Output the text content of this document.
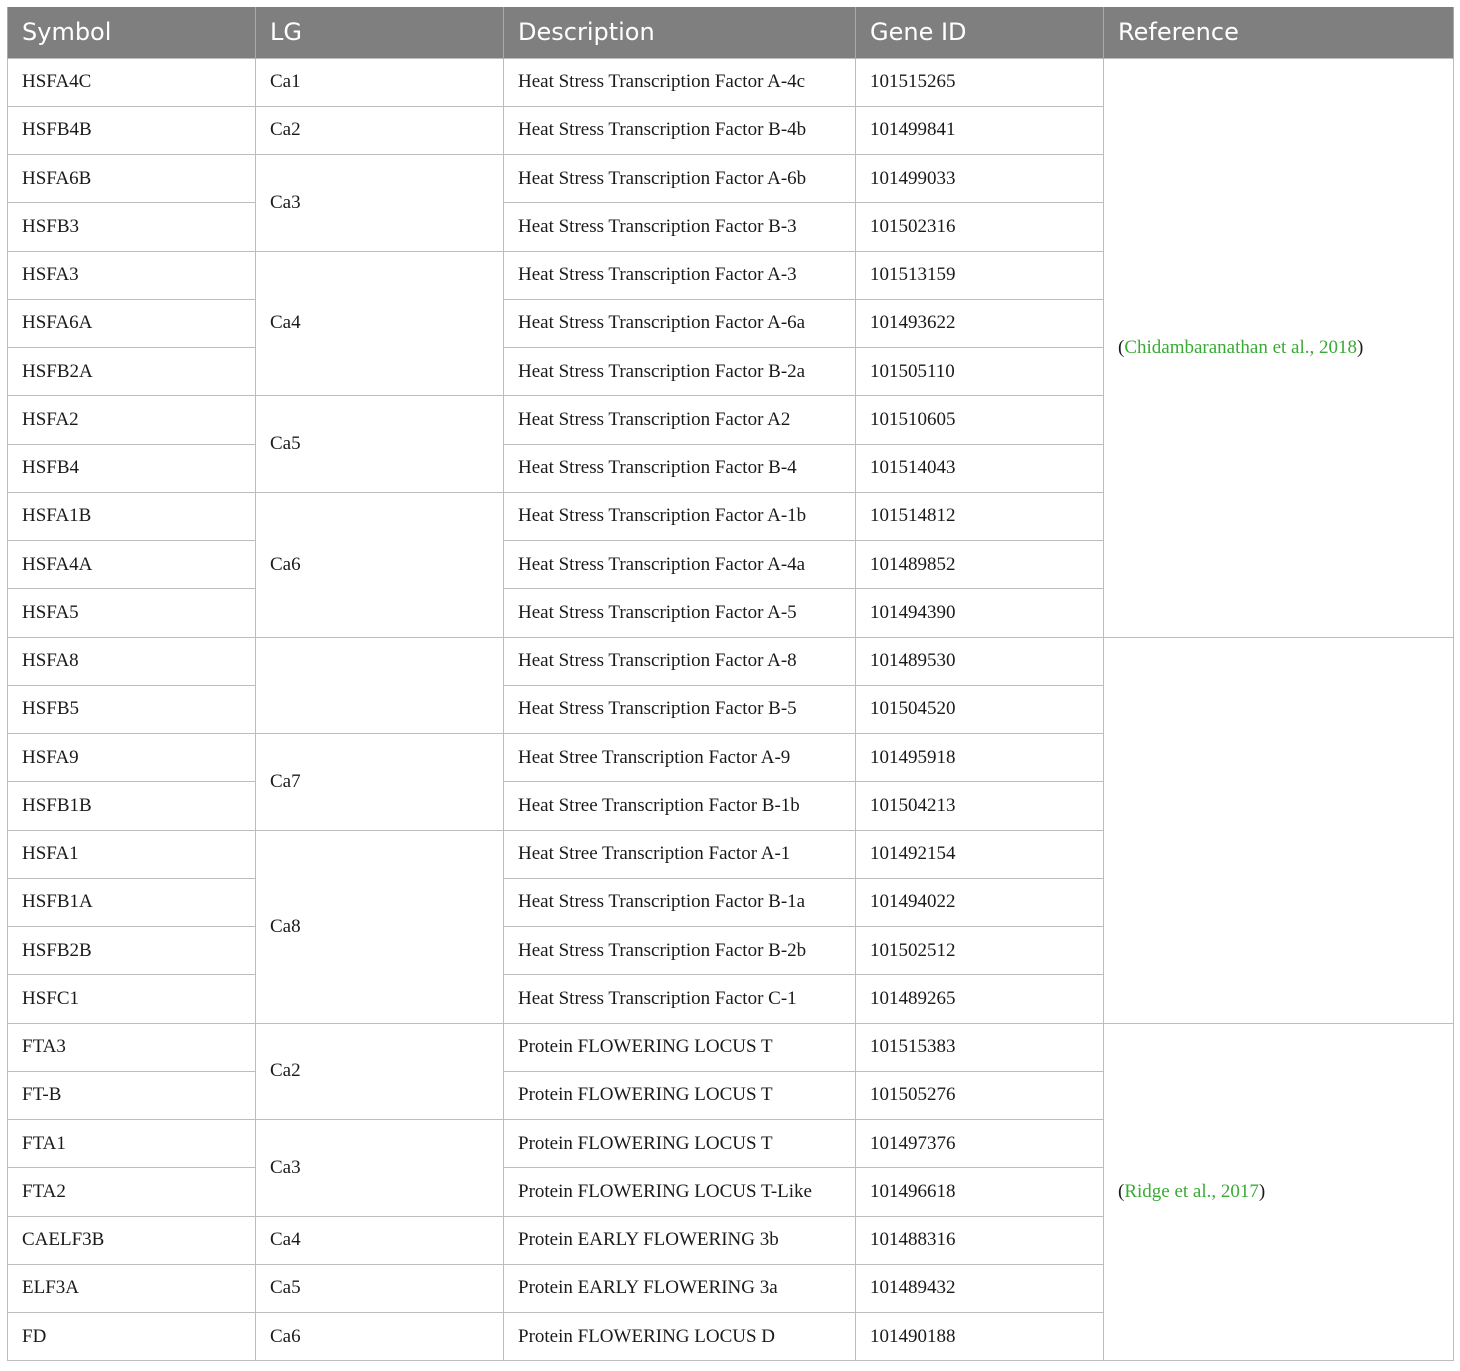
Symbol	LG	Description	Gene ID	Reference
HSFA4C	Ca1	Heat Stress Transcription Factor A-4c	101515265	(Chidambaranathan et al., 2018)
HSFB4B	Ca2	Heat Stress Transcription Factor B-4b	101499841	
HSFA6B	Ca3	Heat Stress Transcription Factor A-6b	101499033	
HSFB3		Heat Stress Transcription Factor B-3	101502316	
HSFA3	Ca4	Heat Stress Transcription Factor A-3	101513159	
HSFA6A		Heat Stress Transcription Factor A-6a	101493622	
HSFB2A		Heat Stress Transcription Factor B-2a	101505110	
HSFA2	Ca5	Heat Stress Transcription Factor A2	101510605	
HSFB4		Heat Stress Transcription Factor B-4	101514043	
HSFA1B	Ca6	Heat Stress Transcription Factor A-1b	101514812	
HSFA4A		Heat Stress Transcription Factor A-4a	101489852	
HSFA5		Heat Stress Transcription Factor A-5	101494390	
HSFA8		Heat Stress Transcription Factor A-8	101489530	
HSFB5		Heat Stress Transcription Factor B-5	101504520	
HSFA9	Ca7	Heat Stree Transcription Factor A-9	101495918	
HSFB1B		Heat Stree Transcription Factor B-1b	101504213	
HSFA1	Ca8	Heat Stree Transcription Factor A-1	101492154	
HSFB1A		Heat Stress Transcription Factor B-1a	101494022	
HSFB2B		Heat Stress Transcription Factor B-2b	101502512	
HSFC1		Heat Stress Transcription Factor C-1	101489265	
FTA3	Ca2	Protein FLOWERING LOCUS T	101515383	(Ridge et al., 2017)
FT-B		Protein FLOWERING LOCUS T	101505276	
FTA1	Ca3	Protein FLOWERING LOCUS T	101497376	
FTA2		Protein FLOWERING LOCUS T-Like	101496618	
CAELF3B	Ca4	Protein EARLY FLOWERING 3b	101488316	
ELF3A	Ca5	Protein EARLY FLOWERING 3a	101489432	
FD	Ca6	Protein FLOWERING LOCUS D	101490188	
